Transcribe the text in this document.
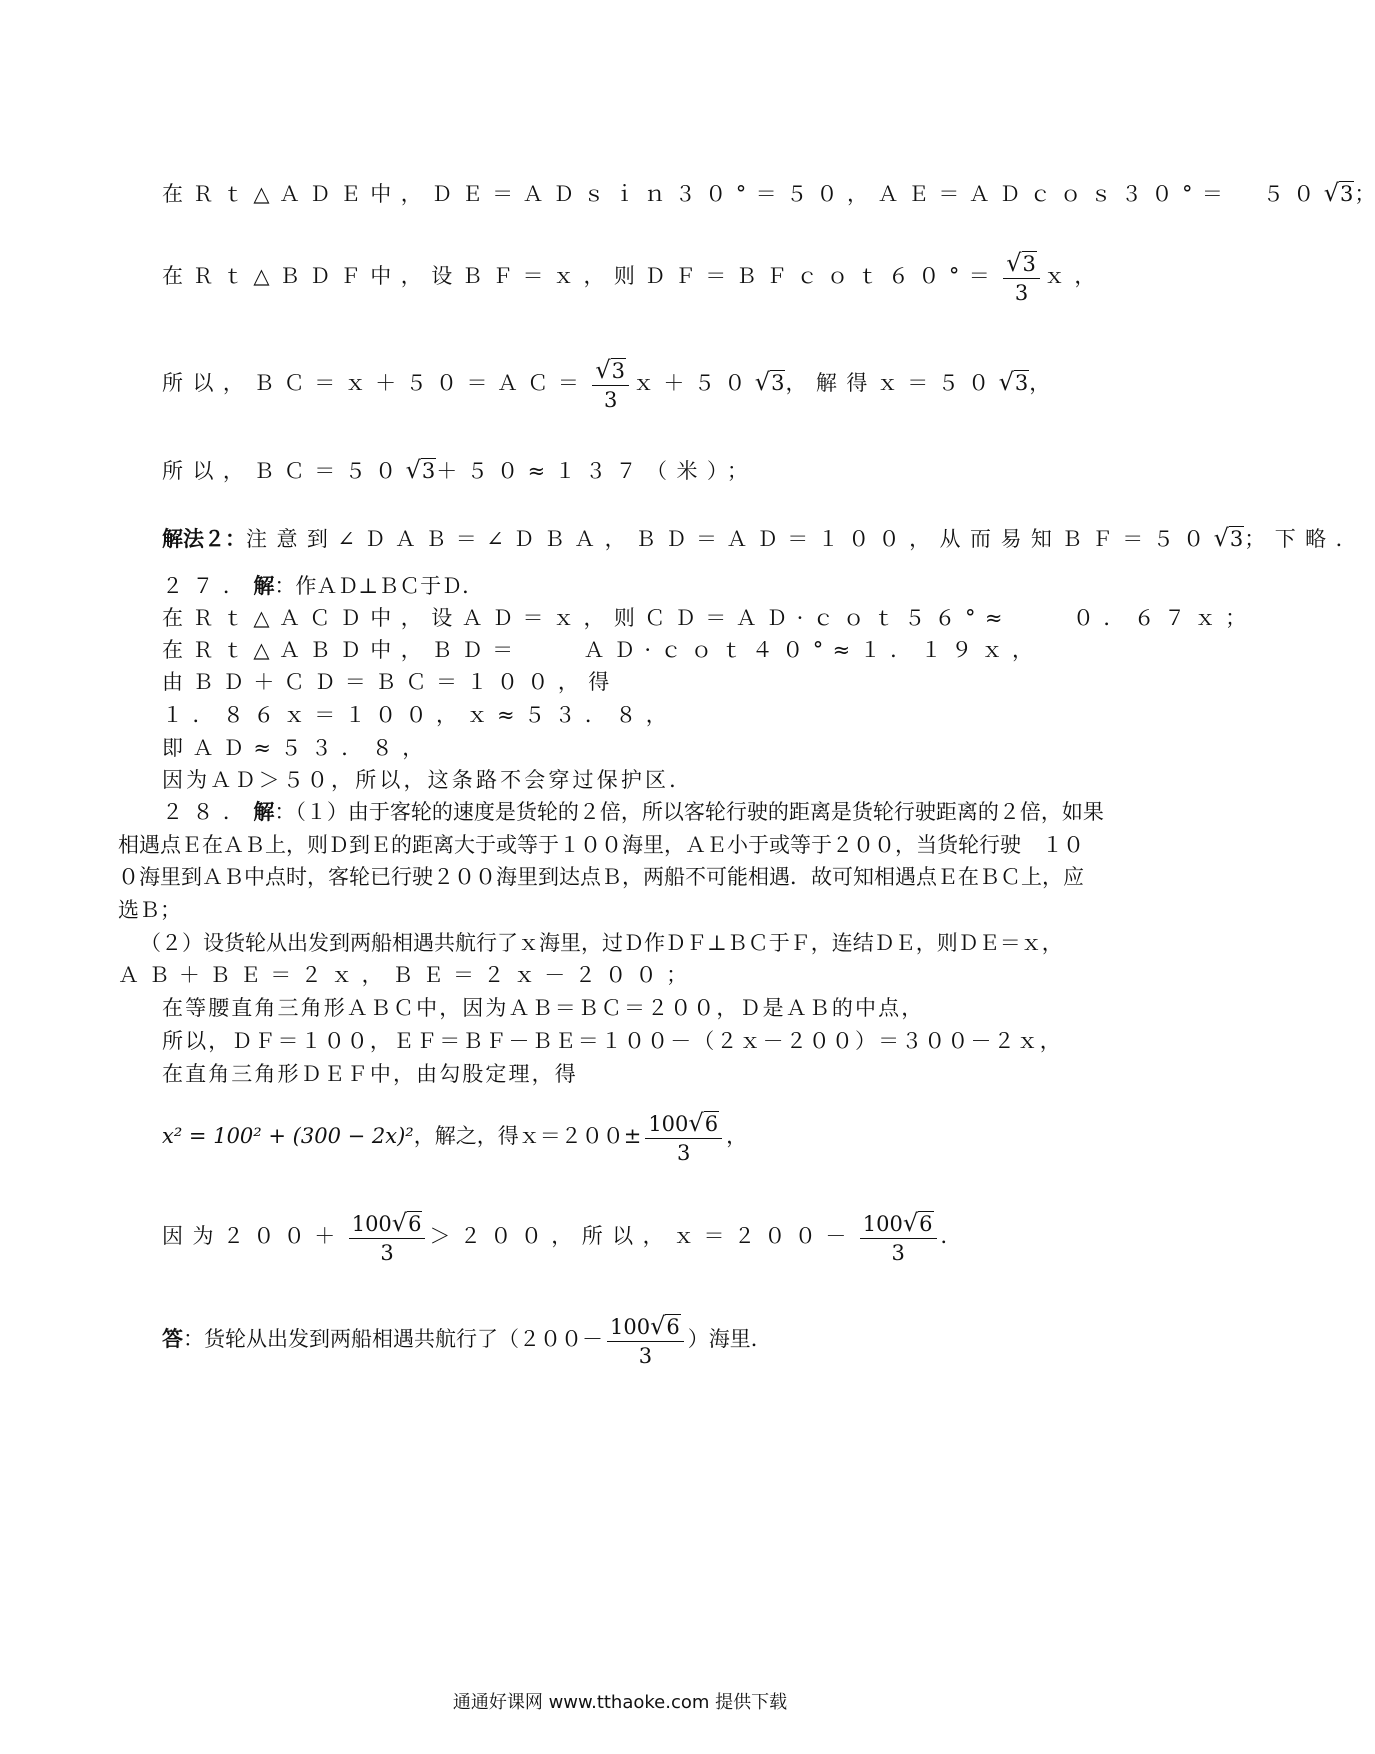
在Ｒｔ△ＡＤＥ中，ＤＥ＝ＡＤｓｉｎ３０°＝５０，ＡＥ＝ＡＤｃｏｓ３０°＝　５０√3；
在Ｒｔ△ＢＤＦ中，设ＢＦ＝ｘ，则ＤＦ＝ＢＦｃｏｔ６０°＝ $\frac{√3}{3}$ ｘ，
所以，ＢＣ＝ｘ＋５０＝ＡＣ＝ $\frac{√3}{3}$ ｘ＋５０√3，解得ｘ＝５０√3，
所以，ＢＣ＝５０√3＋５０≈１３７（米）；
解法２：注意到∠ＤＡＢ＝∠ＤＢＡ，ＢＤ＝ＡＤ＝１００，从而易知ＢＦ＝５０√3；下略．
２７．解：作ＡＤ⊥ＢＣ于Ｄ．
在Ｒｔ△ＡＣＤ中，设ＡＤ＝ｘ，则ＣＤ＝ＡＤ·ｃｏｔ５６°≈　　０．６７ｘ；
在Ｒｔ△ＡＢＤ中，ＢＤ＝　　ＡＤ·ｃｏｔ４０°≈１．１９ｘ，
由ＢＤ＋ＣＤ＝ＢＣ＝１００，得
１．８６ｘ＝１００，ｘ≈５３．８，
即ＡＤ≈５３．８，
因为ＡＤ＞５０，所以，这条路不会穿过保护区．
２８．解：（１）由于客轮的速度是货轮的２倍，所以客轮行驶的距离是货轮行驶距离的２倍，如果
相遇点Ｅ在ＡＢ上，则Ｄ到Ｅ的距离大于或等于１００海里，ＡＥ小于或等于２００，当货轮行驶　１０
０海里到ＡＢ中点时，客轮已行驶２００海里到达点Ｂ，两船不可能相遇．故可知相遇点Ｅ在ＢＣ上，应
选Ｂ；
（２）设货轮从出发到两船相遇共航行了ｘ海里，过Ｄ作ＤＦ⊥ＢＣ于Ｆ，连结ＤＥ，则ＤＥ＝ｘ，
ＡＢ＋ＢＥ＝２ｘ，ＢＥ＝２ｘ－２００；
在等腰直角三角形ＡＢＣ中，因为ＡＢ＝ＢＣ＝２００，Ｄ是ＡＢ的中点，
所以，ＤＦ＝１００，ＥＦ＝ＢＦ－ＢＥ＝１００－（２ｘ－２００）＝３００－２ｘ，
在直角三角形ＤＥＦ中，由勾股定理，得
x² = 100² + (300 − 2x)²，解之，得ｘ＝２００± $\frac{100√6}{3}$ ，
因为$200+ \frac{100√6}{3} >200$，所以，ｘ＝２００－ $\frac{100√6}{3}$ ．
答：货轮从出发到两船相遇共航行了（$200- \frac{100√6}{3}$ ）海里．
通通好课网 www.tthaoke.com 提供下载
